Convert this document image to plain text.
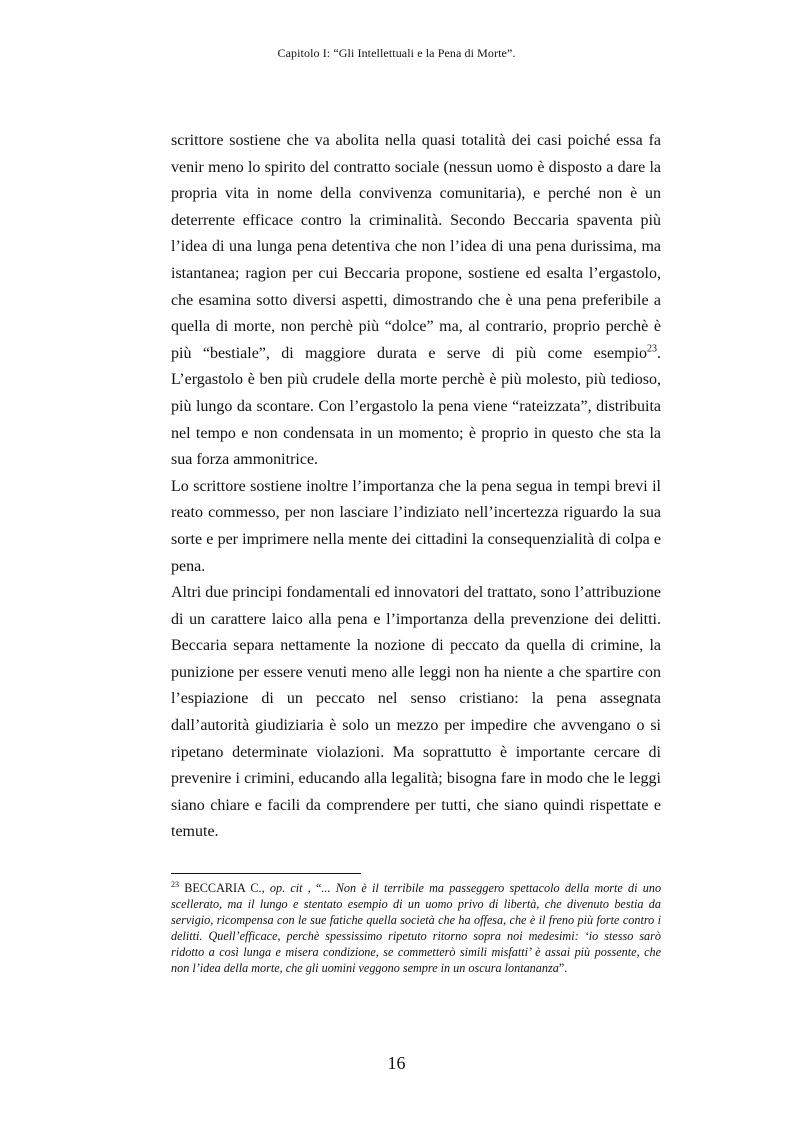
Capitolo I: “Gli Intellettuali e la Pena di Morte”.

scrittore sostiene che va abolita nella quasi totalità dei casi poiché essa fa venir meno lo spirito del contratto sociale (nessun uomo è disposto a dare la propria vita in nome della convivenza comunitaria), e perché non è un deterrente efficace contro la criminalità. Secondo Beccaria spaventa più l’idea di una lunga pena detentiva che non l’idea di una pena durissima, ma istantanea; ragion per cui Beccaria propone, sostiene ed esalta l’ergastolo, che esamina sotto diversi aspetti, dimostrando che è una pena preferibile a quella di morte, non perchè più “dolce” ma, al contrario, proprio perchè è più “bestiale”, di maggiore durata e serve di più come esempio$^{23}$. L’ergastolo è ben più crudele della morte perchè è più molesto, più tedioso, più lungo da scontare. Con l’ergastolo la pena viene “rateizzata”, distribuita nel tempo e non condensata in un momento; è proprio in questo che sta la sua forza ammonitrice.

Lo scrittore sostiene inoltre l’importanza che la pena segua in tempi brevi il reato commesso, per non lasciare l’indiziato nell’incertezza riguardo la sua sorte e per imprimere nella mente dei cittadini la consequenzialità di colpa e pena.

Altri due principi fondamentali ed innovatori del trattato, sono l’attribuzione di un carattere laico alla pena e l’importanza della prevenzione dei delitti. Beccaria separa nettamente la nozione di peccato da quella di crimine, la punizione per essere venuti meno alle leggi non ha niente a che spartire con l’espiazione di un peccato nel senso cristiano: la pena assegnata dall’autorità giudiziaria è solo un mezzo per impedire che avvengano o si ripetano determinate violazioni. Ma soprattutto è importante cercare di prevenire i crimini, educando alla legalità; bisogna fare in modo che le leggi siano chiare e facili da comprendere per tutti, che siano quindi rispettate e temute.

$^{23}$ BECCARIA C., op. cit , “... Non è il terribile ma passeggero spettacolo della morte di uno scellerato, ma il lungo e stentato esempio di un uomo privo di libertà, che divenuto bestia da servigio, ricompensa con le sue fatiche quella società che ha offesa, che è il freno più forte contro i delitti. Quell’efficace, perchè spessissimo ripetuto ritorno sopra noi medesimi: ‘io stesso sarò ridotto a così lunga e misera condizione, se commetterò simili misfatti’ è assai più possente, che non l’idea della morte, che gli uomini veggono sempre in un oscura lontananza”.
16
